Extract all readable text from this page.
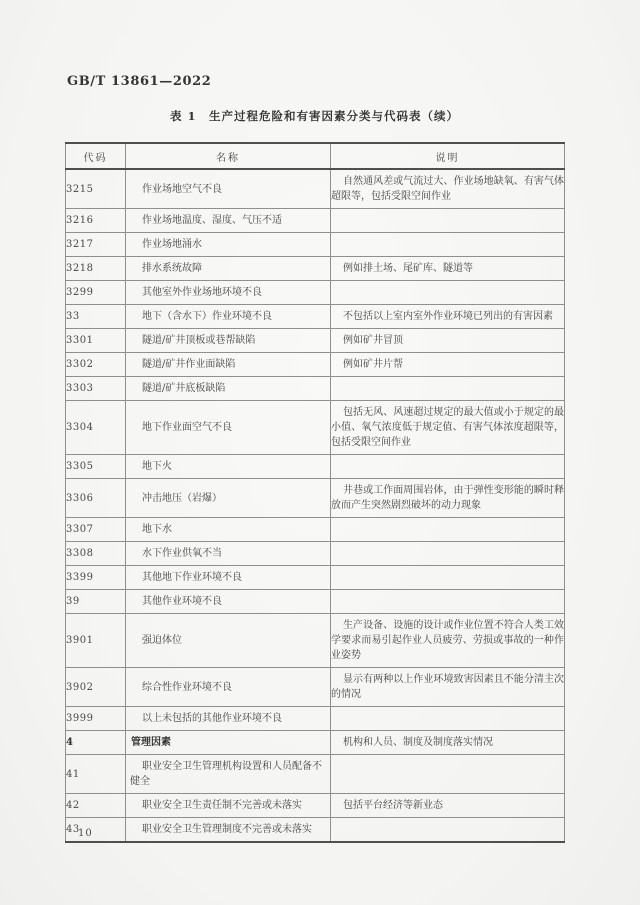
GB/T 13861—2022
表 1　生产过程危险和有害因素分类与代码表（续）
代码	名称	说明
3215	作业场地空气不良	自然通风差或气流过大、作业场地缺氧、有害气体超限等，包括受限空间作业
3216	作业场地温度、湿度、气压不适	
3217	作业场地涌水	
3218	排水系统故障	例如排土场、尾矿库、隧道等
3299	其他室外作业场地环境不良	
33	地下（含水下）作业环境不良	不包括以上室内室外作业环境已列出的有害因素
3301	隧道/矿井顶板或巷帮缺陷	例如矿井冒顶
3302	隧道/矿井作业面缺陷	例如矿井片帮
3303	隧道/矿井底板缺陷	
3304	地下作业面空气不良	包括无风、风速超过规定的最大值或小于规定的最小值、氧气浓度低于规定值、有害气体浓度超限等，包括受限空间作业
3305	地下火	
3306	冲击地压（岩爆）	井巷或工作面周围岩体，由于弹性变形能的瞬时释放而产生突然剧烈破坏的动力现象
3307	地下水	
3308	水下作业供氧不当	
3399	其他地下作业环境不良	
39	其他作业环境不良	
3901	强迫体位	生产设备、设施的设计或作业位置不符合人类工效学要求而易引起作业人员疲劳、劳损或事故的一种作业姿势
3902	综合性作业环境不良	显示有两种以上作业环境致害因素且不能分清主次的情况
3999	以上未包括的其他作业环境不良	
4	管理因素	机构和人员、制度及制度落实情况
41	职业安全卫生管理机构设置和人员配备不健全	
42	职业安全卫生责任制不完善或未落实	包括平台经济等新业态
43	职业安全卫生管理制度不完善或未落实	
10
